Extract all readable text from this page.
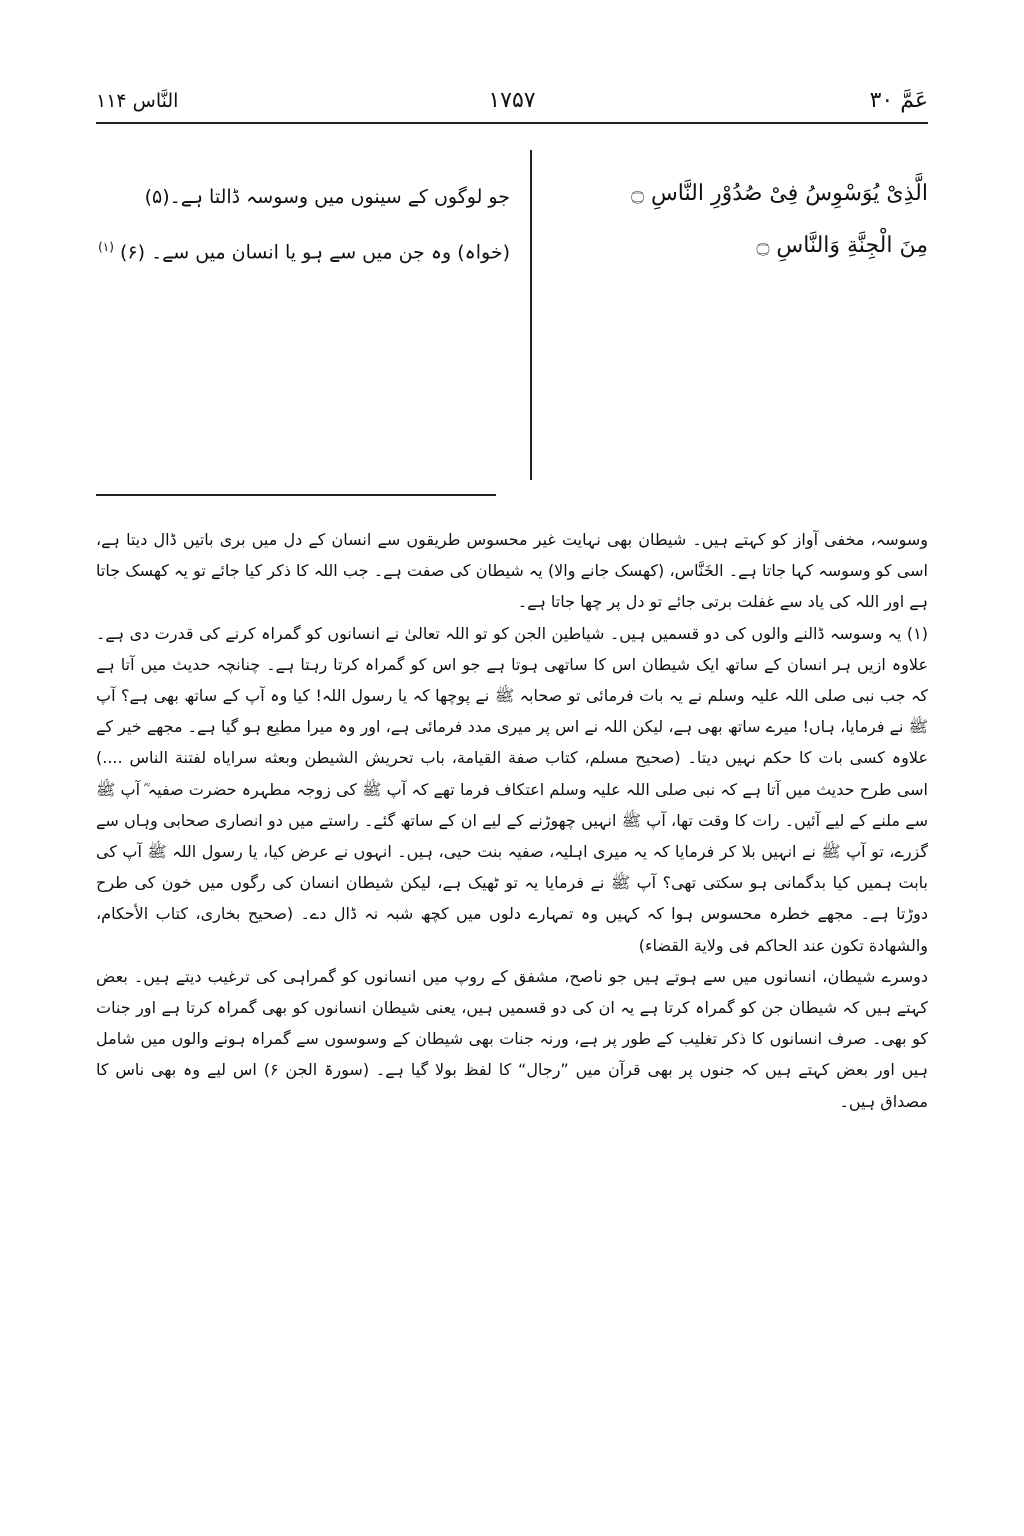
عَمَّ ۳۰
۱۷۵۷
النَّاس ۱۱۴
الَّذِیْ یُوَسْوِسُ فِیْ صُدُوْرِ النَّاسِ ۝
مِنَ الْجِنَّةِ وَالنَّاسِ ۝
جو لوگوں کے سینوں میں وسوسہ ڈالتا ہے۔(۵)
(خواہ) وہ جن میں سے ہو یا انسان میں سے۔ (۶) $^{(۱)}$

وسوسہ، مخفی آواز کو کہتے ہیں۔ شیطان بھی نہایت غیر محسوس طریقوں سے انسان کے دل میں بری باتیں ڈال دیتا ہے، اسی کو وسوسہ کہا جاتا ہے۔ الخَنَّاس، (کھسک جانے والا) یہ شیطان کی صفت ہے۔ جب اللہ کا ذکر کیا جائے تو یہ کھسک جاتا ہے اور اللہ کی یاد سے غفلت برتی جائے تو دل پر چھا جاتا ہے۔

(۱) یہ وسوسہ ڈالنے والوں کی دو قسمیں ہیں۔ شیاطین الجن کو تو اللہ تعالیٰ نے انسانوں کو گمراہ کرنے کی قدرت دی ہے۔ علاوہ ازیں ہر انسان کے ساتھ ایک شیطان اس کا ساتھی ہوتا ہے جو اس کو گمراہ کرتا رہتا ہے۔ چنانچہ حدیث میں آتا ہے کہ جب نبی صلی اللہ علیہ وسلم نے یہ بات فرمائی تو صحابہ ﷺ نے پوچھا کہ یا رسول اللہ! کیا وہ آپ کے ساتھ بھی ہے؟ آپ ﷺ نے فرمایا، ہاں! میرے ساتھ بھی ہے، لیکن اللہ نے اس پر میری مدد فرمائی ہے، اور وہ میرا مطیع ہو گیا ہے۔ مجھے خیر کے علاوہ کسی بات کا حکم نہیں دیتا۔ (صحیح مسلم، کتاب صفة القیامة، باب تحریش الشیطن وبعثه سرایاه لفتنة الناس ....) اسی طرح حدیث میں آتا ہے کہ نبی صلی اللہ علیہ وسلم اعتکاف فرما تھے کہ آپ ﷺ کی زوجہ مطہرہ حضرت صفیہ ؓ آپ ﷺ سے ملنے کے لیے آئیں۔ رات کا وقت تھا، آپ ﷺ انہیں چھوڑنے کے لیے ان کے ساتھ گئے۔ راستے میں دو انصاری صحابی وہاں سے گزرے، تو آپ ﷺ نے انہیں بلا کر فرمایا کہ یہ میری اہلیہ، صفیہ بنت حیی، ہیں۔ انہوں نے عرض کیا، یا رسول اللہ ﷺ آپ کی بابت ہمیں کیا بدگمانی ہو سکتی تھی؟ آپ ﷺ نے فرمایا یہ تو ٹھیک ہے، لیکن شیطان انسان کی رگوں میں خون کی طرح دوڑتا ہے۔ مجھے خطرہ محسوس ہوا کہ کہیں وہ تمہارے دلوں میں کچھ شبہ نہ ڈال دے۔ (صحیح بخاری، کتاب الأحکام، والشهادة تکون عند الحاکم فی ولایة القضاء)

دوسرے شیطان، انسانوں میں سے ہوتے ہیں جو ناصح، مشفق کے روپ میں انسانوں کو گمراہی کی ترغیب دیتے ہیں۔ بعض کہتے ہیں کہ شیطان جن کو گمراہ کرتا ہے یہ ان کی دو قسمیں ہیں، یعنی شیطان انسانوں کو بھی گمراہ کرتا ہے اور جنات کو بھی۔ صرف انسانوں کا ذکر تغلیب کے طور پر ہے، ورنہ جنات بھی شیطان کے وسوسوں سے گمراہ ہونے والوں میں شامل ہیں اور بعض کہتے ہیں کہ جنوں پر بھی قرآن میں ”رجال“ کا لفظ بولا گیا ہے۔ (سورۃ الجن ۶) اس لیے وہ بھی ناس کا مصداق ہیں۔
